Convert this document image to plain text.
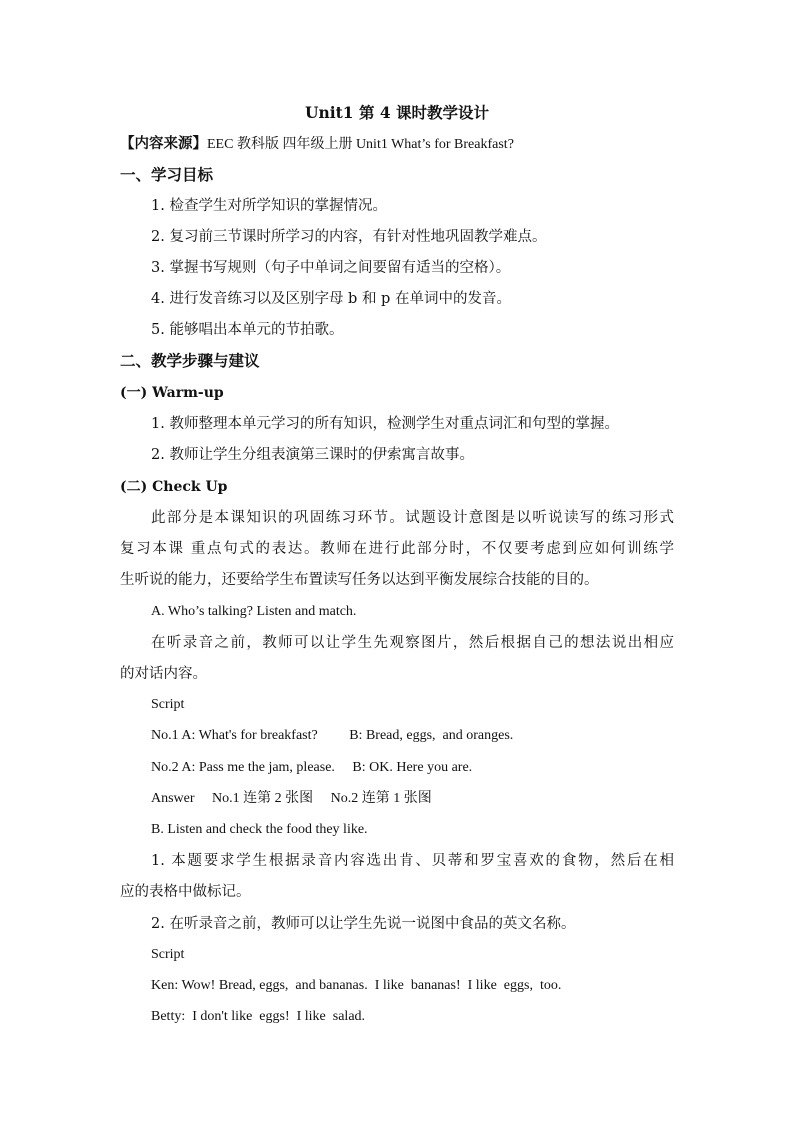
Unit1 第 4 课时教学设计
【内容来源】EEC 教科版 四年级上册 Unit1 What’s for Breakfast?
一、学习目标
1. 检查学生对所学知识的掌握情况。
2. 复习前三节课时所学习的内容，有针对性地巩固教学难点。
3. 掌握书写规则（句子中单词之间要留有适当的空格）。
4. 进行发音练习以及区别字母 b 和 p 在单词中的发音。
5. 能够唱出本单元的节拍歌。
二、教学步骤与建议
(一) Warm-up
1. 教师整理本单元学习的所有知识，检测学生对重点词汇和句型的掌握。
2. 教师让学生分组表演第三课时的伊索寓言故事。
(二) Check Up
此部分是本课知识的巩固练习环节。试题设计意图是以听说读写的练习形式
复习本课 重点句式的表达。教师在进行此部分时，不仅要考虑到应如何训练学
生听说的能力，还要给学生布置读写任务以达到平衡发展综合技能的目的。
A. Who’s talking? Listen and match.
在听录音之前，教师可以让学生先观察图片，然后根据自己的想法说出相应
的对话内容。
Script
No.1 A: What's for breakfast?         B: Bread, eggs,  and oranges.
No.2 A: Pass me the jam, please.     B: OK. Here you are.
Answer     No.1 连第 2 张图     No.2 连第 1 张图
B. Listen and check the food they like.
1. 本题要求学生根据录音内容选出肯、贝蒂和罗宝喜欢的食物，然后在相
应的表格中做标记。
2. 在听录音之前，教师可以让学生先说一说图中食品的英文名称。
Script
Ken: Wow! Bread, eggs,  and bananas.  I like  bananas!  I like  eggs,  too.
Betty:  I don't like  eggs!  I like  salad.
